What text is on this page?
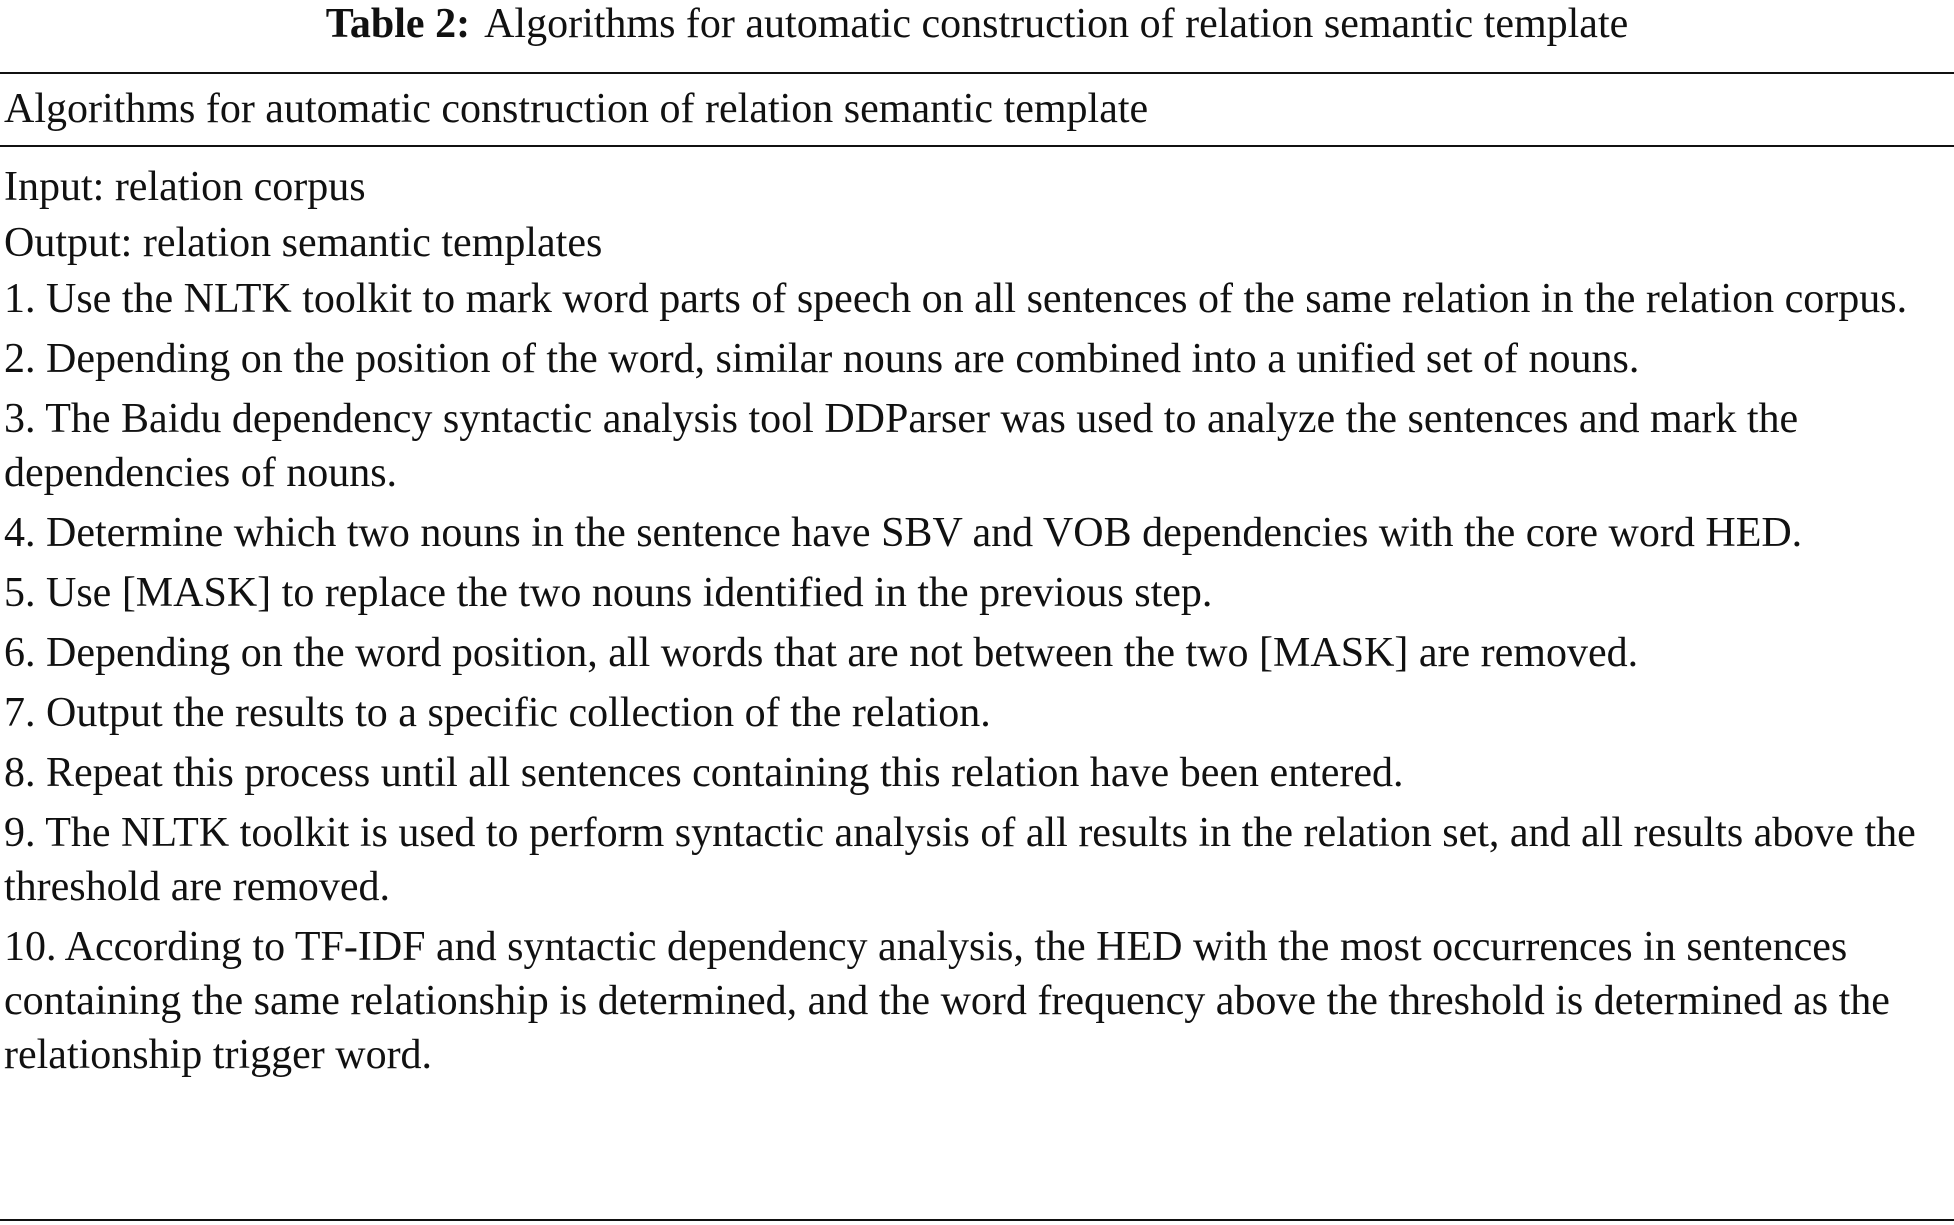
Table 2: Algorithms for automatic construction of relation semantic template
Algorithms for automatic construction of relation semantic template
Input: relation corpus
Output: relation semantic templates
1. Use the NLTK toolkit to mark word parts of speech on all sentences of the same relation in the relation corpus.
2. Depending on the position of the word, similar nouns are combined into a unified set of nouns.
3. The Baidu dependency syntactic analysis tool DDParser was used to analyze the sentences and mark the dependencies of nouns.
4. Determine which two nouns in the sentence have SBV and VOB dependencies with the core word HED.
5. Use [MASK] to replace the two nouns identified in the previous step.
6. Depending on the word position, all words that are not between the two [MASK] are removed.
7. Output the results to a specific collection of the relation.
8. Repeat this process until all sentences containing this relation have been entered.
9. The NLTK toolkit is used to perform syntactic analysis of all results in the relation set, and all results above the threshold are removed.
10. According to TF-IDF and syntactic dependency analysis, the HED with the most occurrences in sentences containing the same relationship is determined, and the word frequency above the threshold is determined as the relationship trigger word.
